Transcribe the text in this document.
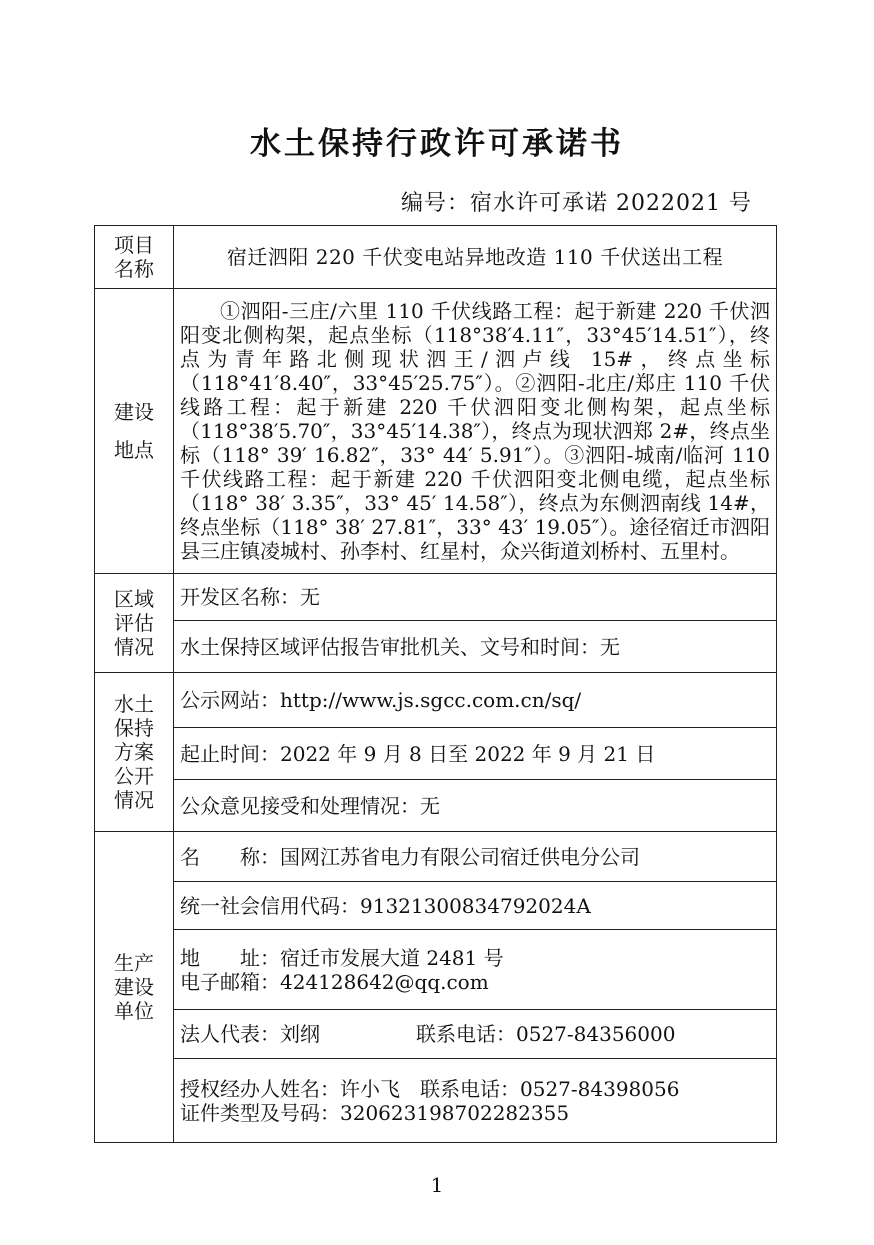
水土保持行政许可承诺书
编号：宿水许可承诺 2022021 号
项目
名称	宿迁泗阳 220 千伏变电站异地改造 110 千伏送出工程

建设
地点	①泗阳-三庄/六里 110 千伏线路工程：起于新建 220 千伏泗阳变北侧构架，起点坐标（118°38′4.11″，33°45′14.51″），终点为青年路北侧现状泗王/泗卢线 15#，终点坐标（118°41′8.40″，33°45′25.75″）。②泗阳-北庄/郑庄 110 千伏线路工程：起于新建 220 千伏泗阳变北侧构架，起点坐标（118°38′5.70″，33°45′14.38″），终点为现状泗郑 2#，终点坐标（118° 39′ 16.82″，33° 44′ 5.91″）。③泗阳-城南/临河 110 千伏线路工程：起于新建 220 千伏泗阳变北侧电缆，起点坐标（118° 38′ 3.35″，33° 45′ 14.58″），终点为东侧泗南线 14#，终点坐标（118° 38′ 27.81″，33° 43′ 19.05″）。途径宿迁市泗阳县三庄镇凌城村、孙李村、红星村，众兴街道刘桥村、五里村。

区域
评估
情况	开发区名称：无
	水土保持区域评估报告审批机关、文号和时间：无

水土
保持
方案
公开
情况	公示网站：http://www.js.sgcc.com.cn/sq/
	起止时间：2022 年 9 月 8 日至 2022 年 9 月 21 日
	公众意见接受和处理情况：无

生产
建设
单位	名　　称：国网江苏省电力有限公司宿迁供电分公司
	统一社会信用代码：91321300834792024A

	地　　址：宿迁市发展大道 2481 号
电子邮箱：424128642@qq.com

	法人代表：刘纲 联系电话：0527-84356000

	授权经办人姓名：许小飞 联系电话：0527-84398056
证件类型及号码：320623198702282355
1
